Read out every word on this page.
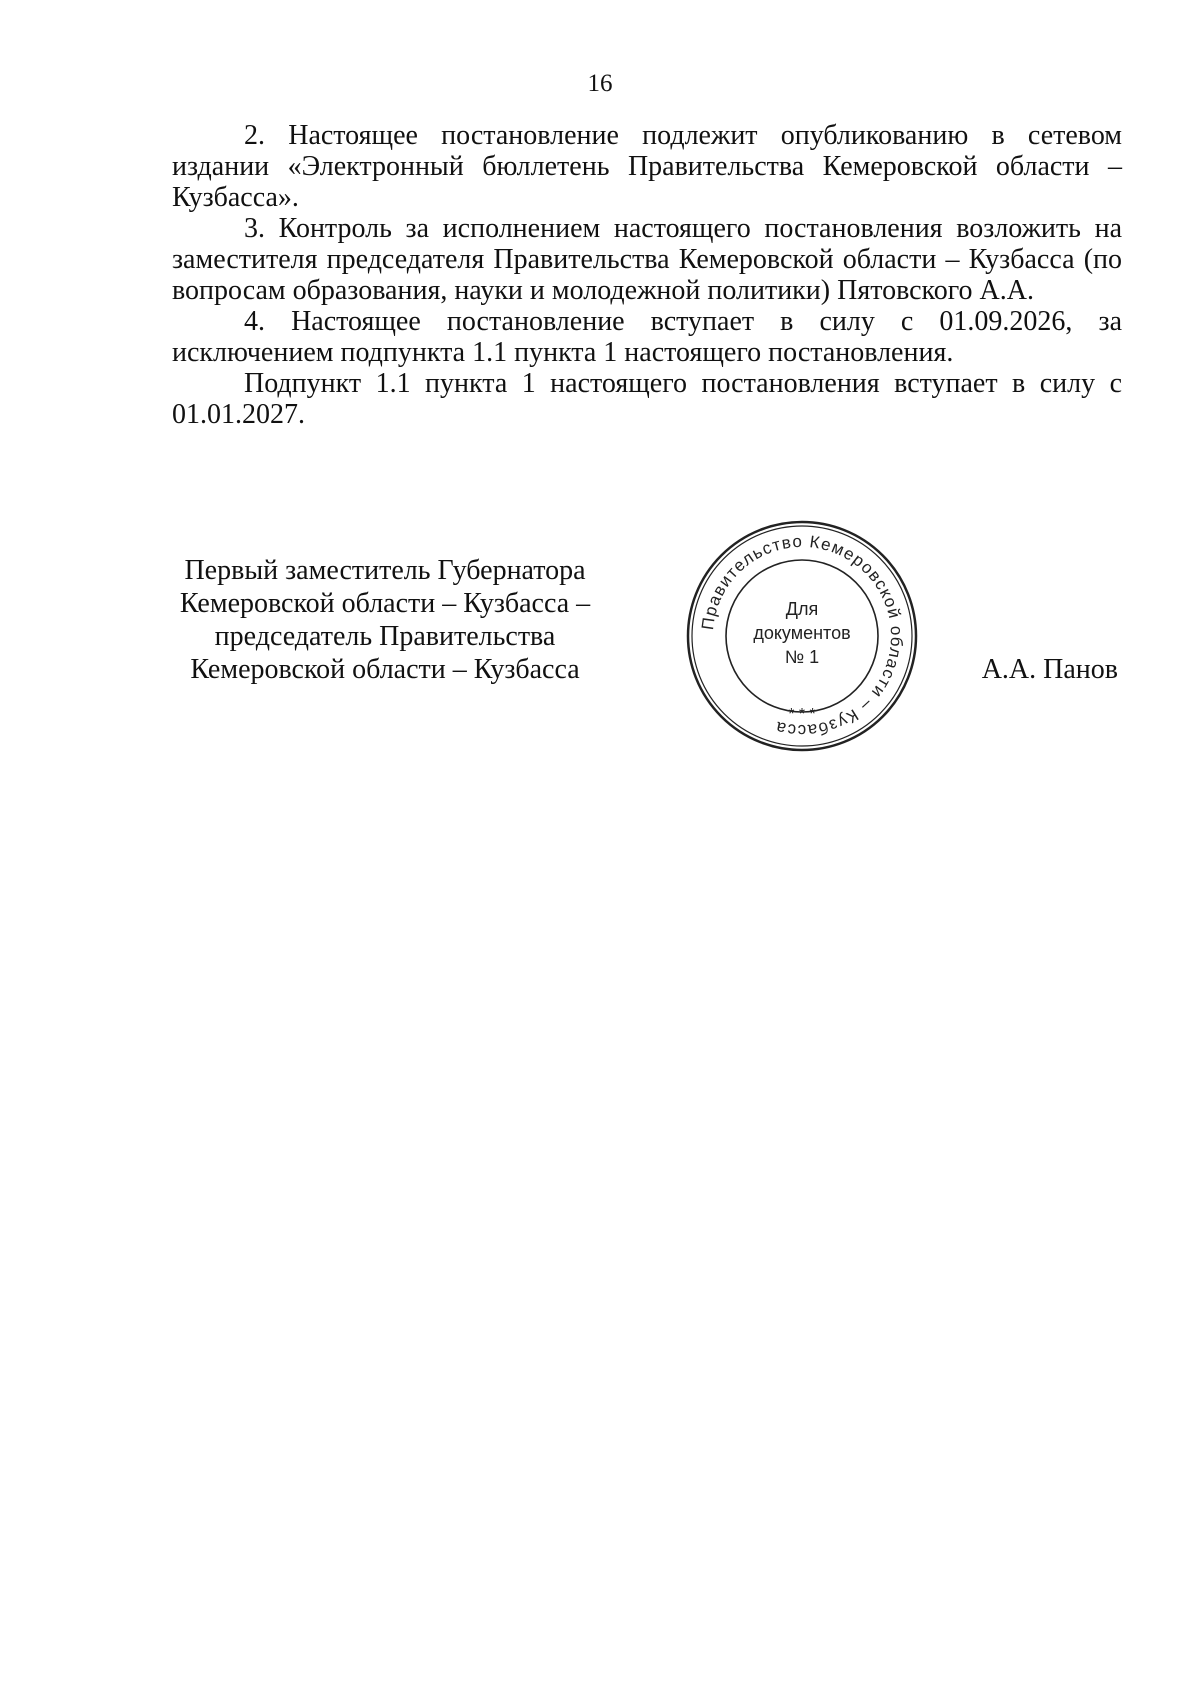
16

2. Настоящее постановление подлежит опубликованию в сетевом издании «Электронный бюллетень Правительства Кемеровской области – Кузбасса».

3. Контроль за исполнением настоящего постановления возложить на заместителя председателя Правительства Кемеровской области – Кузбасса (по вопросам образования, науки и молодежной политики) Пятовского А.А.

4. Настоящее постановление вступает в силу с 01.09.2026, за исключением подпункта 1.1 пункта 1 настоящего постановления.

Подпункт 1.1 пункта 1 настоящего постановления вступает в силу с 01.01.2027.

Первый заместитель Губернатора
Кемеровской области – Кузбасса –
председатель Правительства
Кемеровской области – Кузбасса
Правительство Кемеровской области – Кузбасса
* * *
Для
документов
№ 1	А.А. Панов
